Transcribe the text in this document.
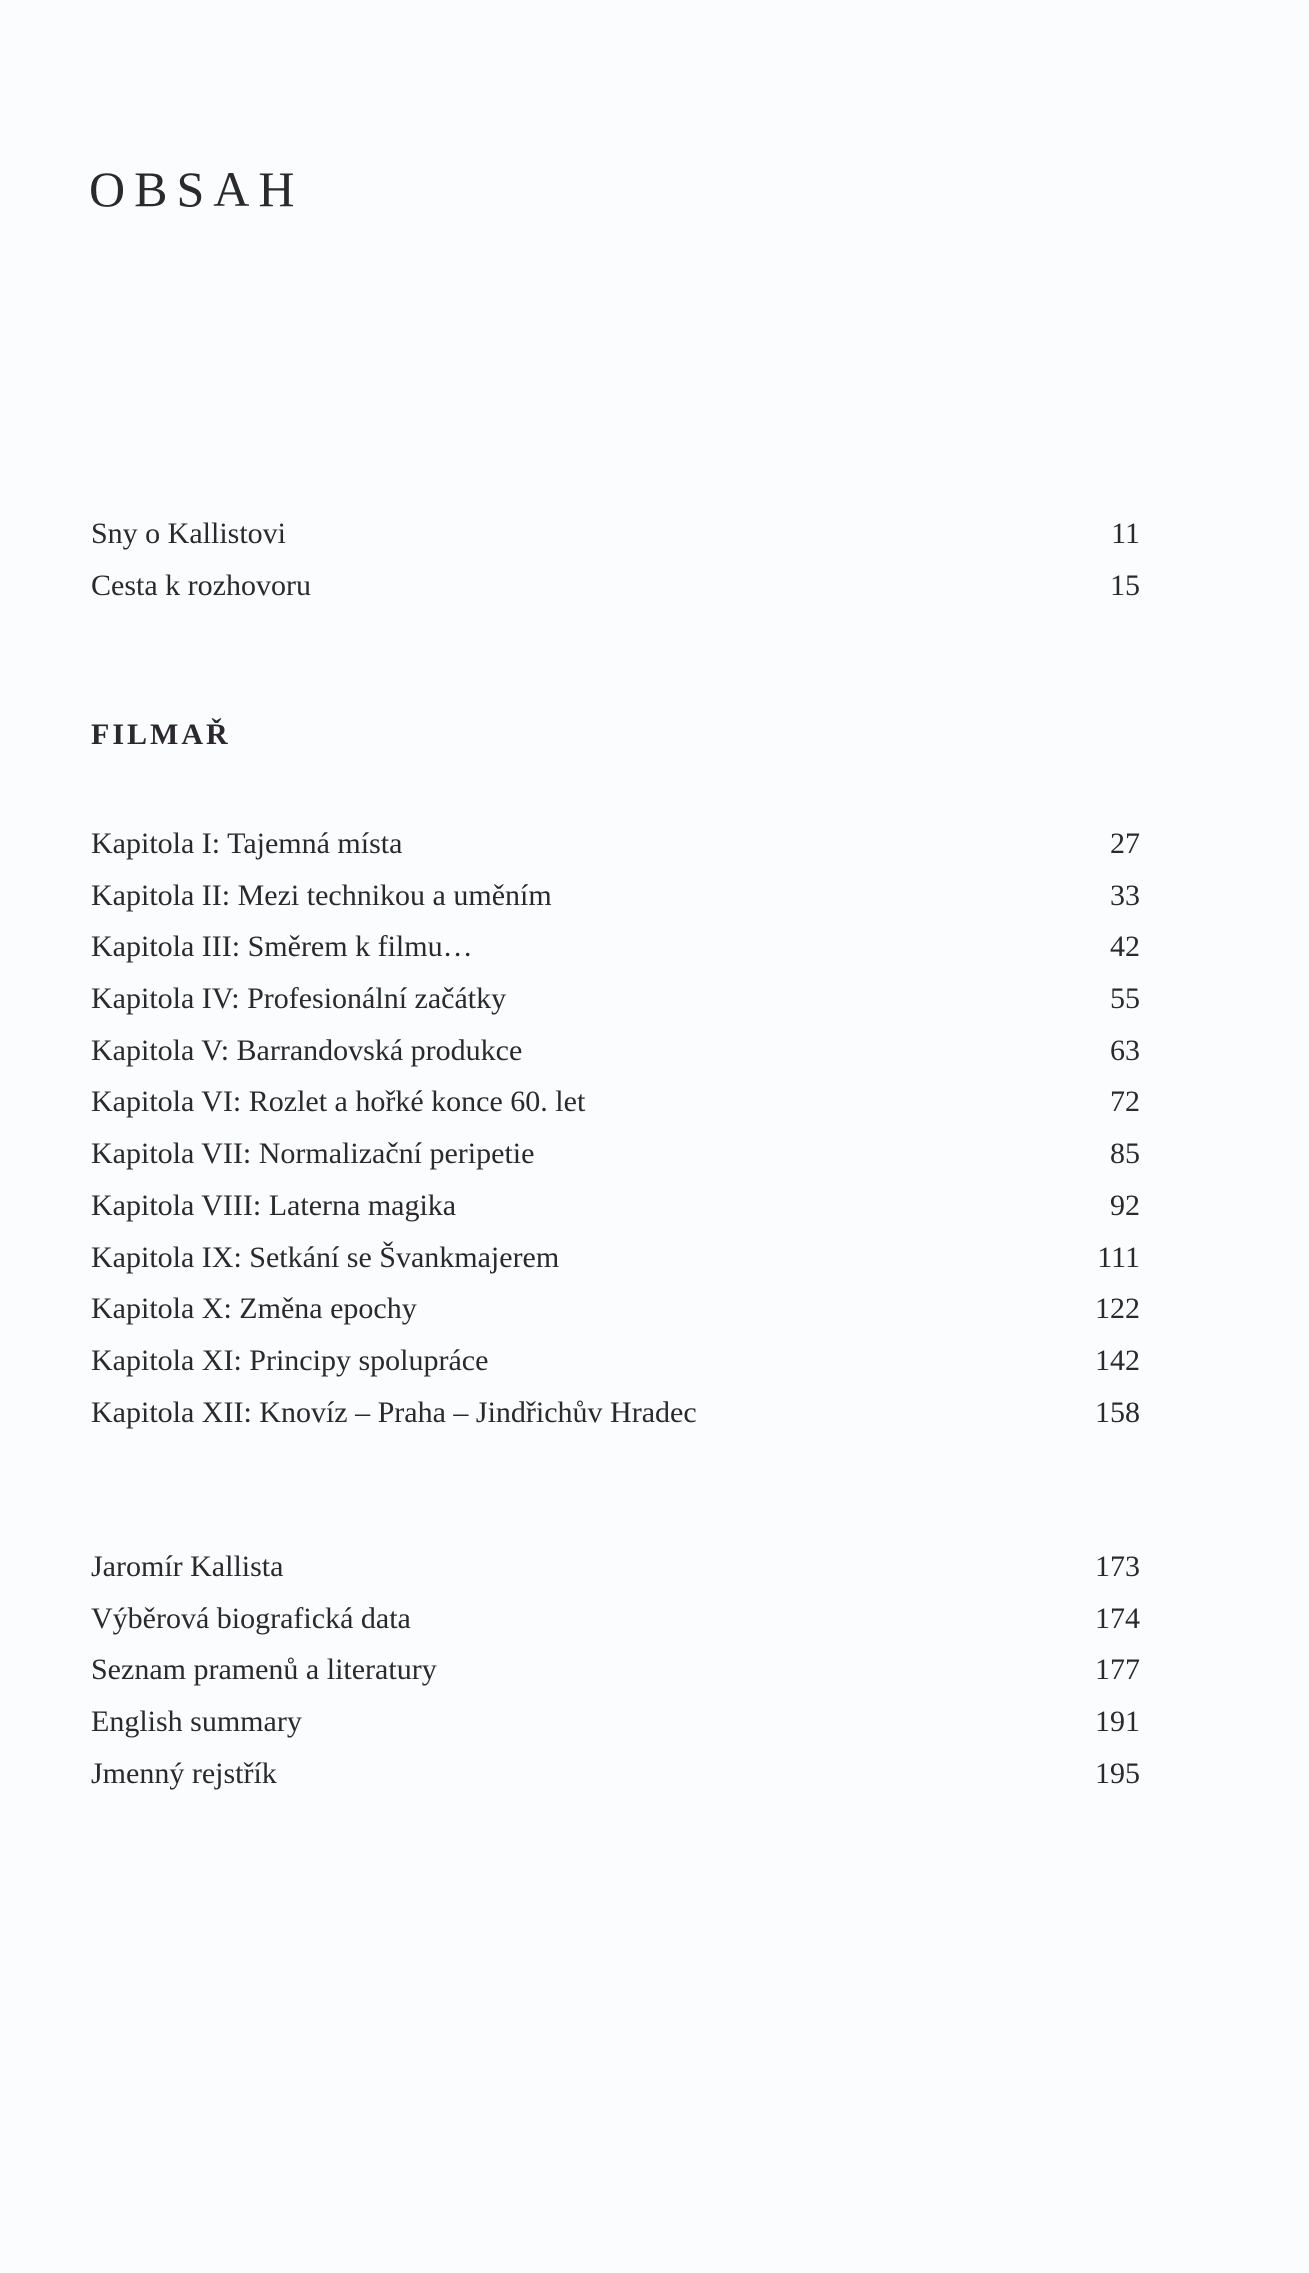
OBSAH
Sny o Kallistovi	11
Cesta k rozhovoru	15
FILMAŘ
Kapitola I: Tajemná místa	27
Kapitola II: Mezi technikou a uměním	33
Kapitola III: Směrem k filmu…	42
Kapitola IV: Profesionální začátky	55
Kapitola V: Barrandovská produkce	63
Kapitola VI: Rozlet a hořké konce 60. let	72
Kapitola VII: Normalizační peripetie	85
Kapitola VIII: Laterna magika	92
Kapitola IX: Setkání se Švankmajerem	111
Kapitola X: Změna epochy	122
Kapitola XI: Principy spolupráce	142
Kapitola XII: Knovíz – Praha – Jindřichův Hradec	158
Jaromír Kallista	173
Výběrová biografická data	174
Seznam pramenů a literatury	177
English summary	191
Jmenný rejstřík	195
